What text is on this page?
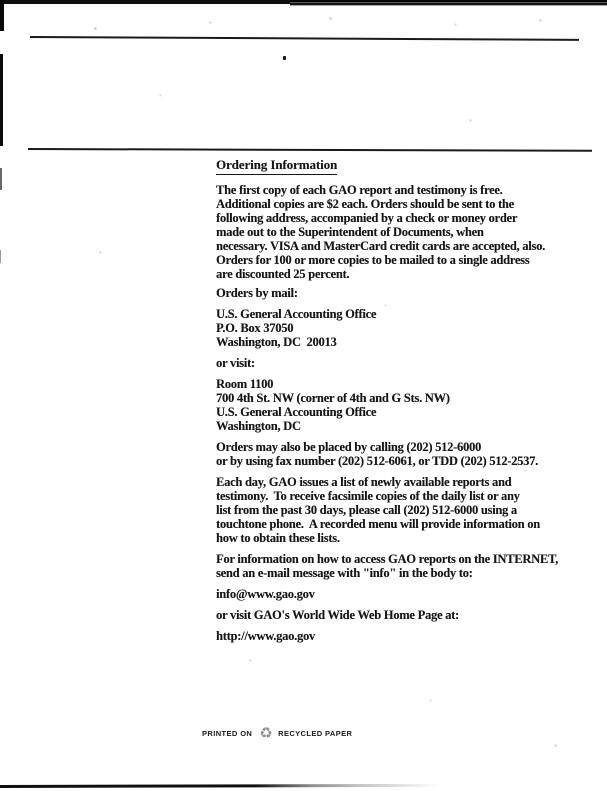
Ordering Information
The first copy of each GAO report and testimony is free.
Additional copies are $2 each. Orders should be sent to the
following address, accompanied by a check or money order
made out to the Superintendent of Documents, when
necessary. VISA and MasterCard credit cards are accepted, also.
Orders for 100 or more copies to be mailed to a single address
are discounted 25 percent.
Orders by mail:
U.S. General Accounting Office
P.O. Box 37050
Washington, DC  20013
or visit:
Room 1100
700 4th St. NW (corner of 4th and G Sts. NW)
U.S. General Accounting Office
Washington, DC
Orders may also be placed by calling (202) 512-6000
or by using fax number (202) 512-6061, or TDD (202) 512-2537.
Each day, GAO issues a list of newly available reports and
testimony.  To receive facsimile copies of the daily list or any
list from the past 30 days, please call (202) 512-6000 using a
touchtone phone.  A recorded menu will provide information on
how to obtain these lists.
For information on how to access GAO reports on the INTERNET,
send an e-mail message with "info" in the body to:
info@www.gao.gov
or visit GAO's World Wide Web Home Page at:
http://www.gao.gov
PRINTED ON ♻	RECYCLED PAPER
